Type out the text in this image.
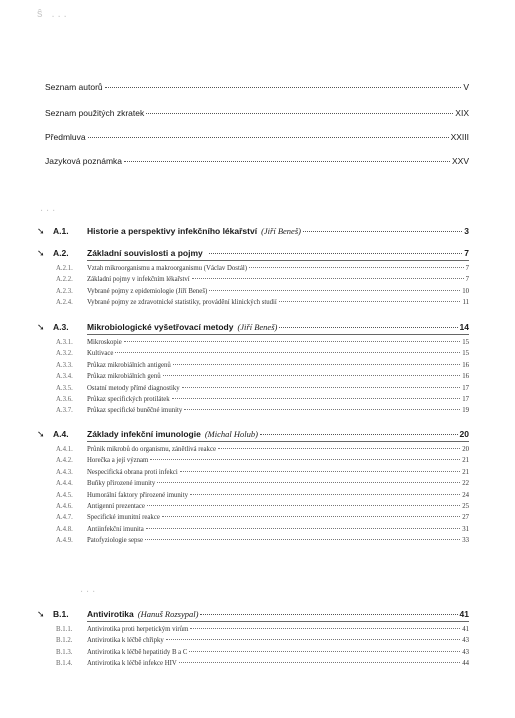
ŝ ...
Seznam autorů	V
Seznam použitých zkratek	XIX
Předmluva	XXIII
Jazyková poznámka	XXV
...
➘ A.1.	Historie a perspektivy infekčního lékařství (Jiří Beneš)	3
➘ A.2.	Základní souvislosti a pojmy	7
A.2.1.	Vztah mikroorganismu a makroorganismu (Václav Dostál)	7
A.2.2.	Základní pojmy v infekčním lékařství	7
A.2.3.	Vybrané pojmy z epidemiologie (Jiří Beneš)	10
A.2.4.	Vybrané pojmy ze zdravotnické statistiky, provádění klinických studií	11
➘ A.3.	Mikrobiologické vyšetřovací metody (Jiří Beneš)	14
A.3.1.	Mikroskopie	15
A.3.2.	Kultivace	15
A.3.3.	Průkaz mikrobiálních antigenů	16
A.3.4.	Průkaz mikrobiálních genů	16
A.3.5.	Ostatní metody přímé diagnostiky	17
A.3.6.	Průkaz specifických protilátek	17
A.3.7.	Průkaz specifické buněčné imunity	19
➘ A.4.	Základy infekční imunologie (Michal Holub)	20
A.4.1.	Průnik mikrobů do organismu, zánětlivá reakce	20
A.4.2.	Horečka a její význam	21
A.4.3.	Nespecifická obrana proti infekci	21
A.4.4.	Buňky přirozené imunity	22
A.4.5.	Humorální faktory přirozené imunity	24
A.4.6.	Antigenní prezentace	25
A.4.7.	Specifické imunitní reakce	27
A.4.8.	Antiinfekční imunita	31
A.4.9.	Patofyziologie sepse	33
...
➘ B.1.	Antivirotika (Hanuš Rozsypal)	41
B.1.1.	Antivirotika proti herpetickým virům	41
B.1.2.	Antivirotika k léčbě chřipky	43
B.1.3.	Antivirotika k léčbě hepatitidy B a C	43
B.1.4.	Antivirotika k léčbě infekce HIV	44
